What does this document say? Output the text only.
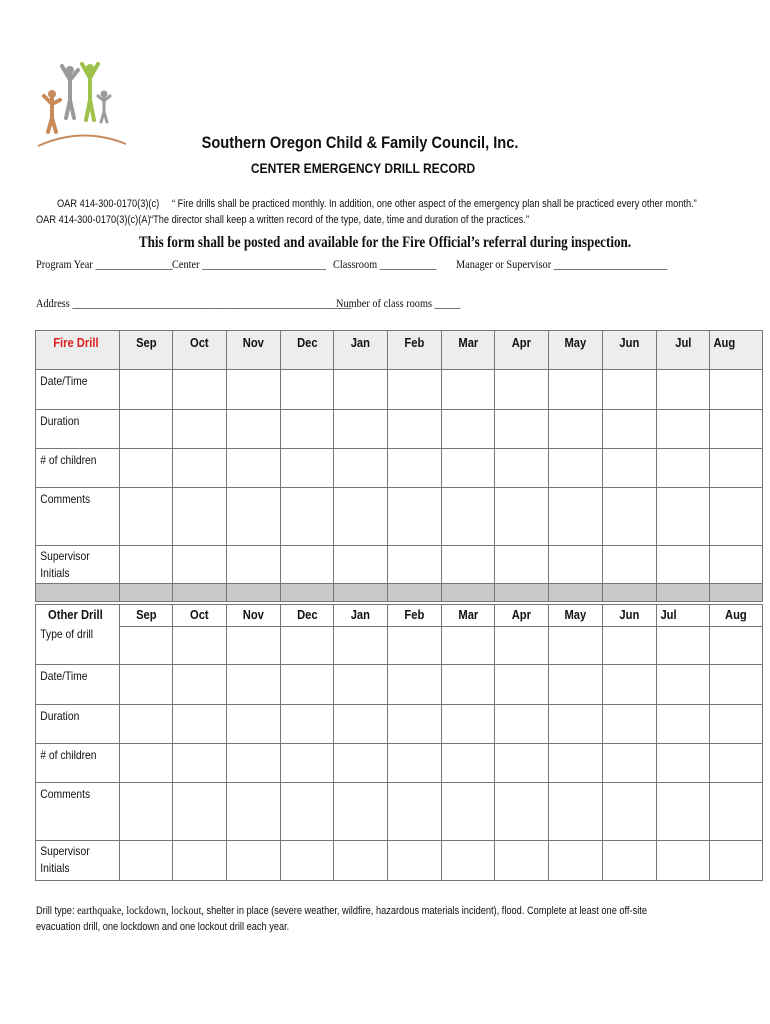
Southern Oregon Child & Family Council, Inc.
CENTER EMERGENCY DRILL RECORD
OAR 414-300-0170(3)(c) “ Fire drills shall be practiced monthly. In addition, one other aspect of the emergency plan shall be practiced every other month.”
OAR 414-300-0170(3)(c)(A) “The director shall keep a written record of the type, date, time and duration of the practices.”
This form shall be posted and available for the Fire Official’s referral during inspection.
Program Year _______________ Center ________________________ Classroom ___________ Manager or Supervisor ______________________
Address ______________________________________________________
Number of class rooms _____
Fire Drill	Sep	Oct	Nov	Dec	Jan	Feb	Mar	Apr	May	Jun	Jul	Aug

Date/Time												

Duration												

# of children												

Comments												

Supervisor Initials												

Other Drill	Sep	Oct	Nov	Dec	Jan	Feb	Mar	Apr	May	Jun	Jul	Aug

Type of drill												

Date/Time												

Duration												

# of children												

Comments												

Supervisor Initials												

Drill type: earthquake, lockdown, lockout, shelter in place (severe weather, wildfire, hazardous materials incident), flood. Complete at least one off-site evacuation drill, one lockdown and one lockout drill each year.
